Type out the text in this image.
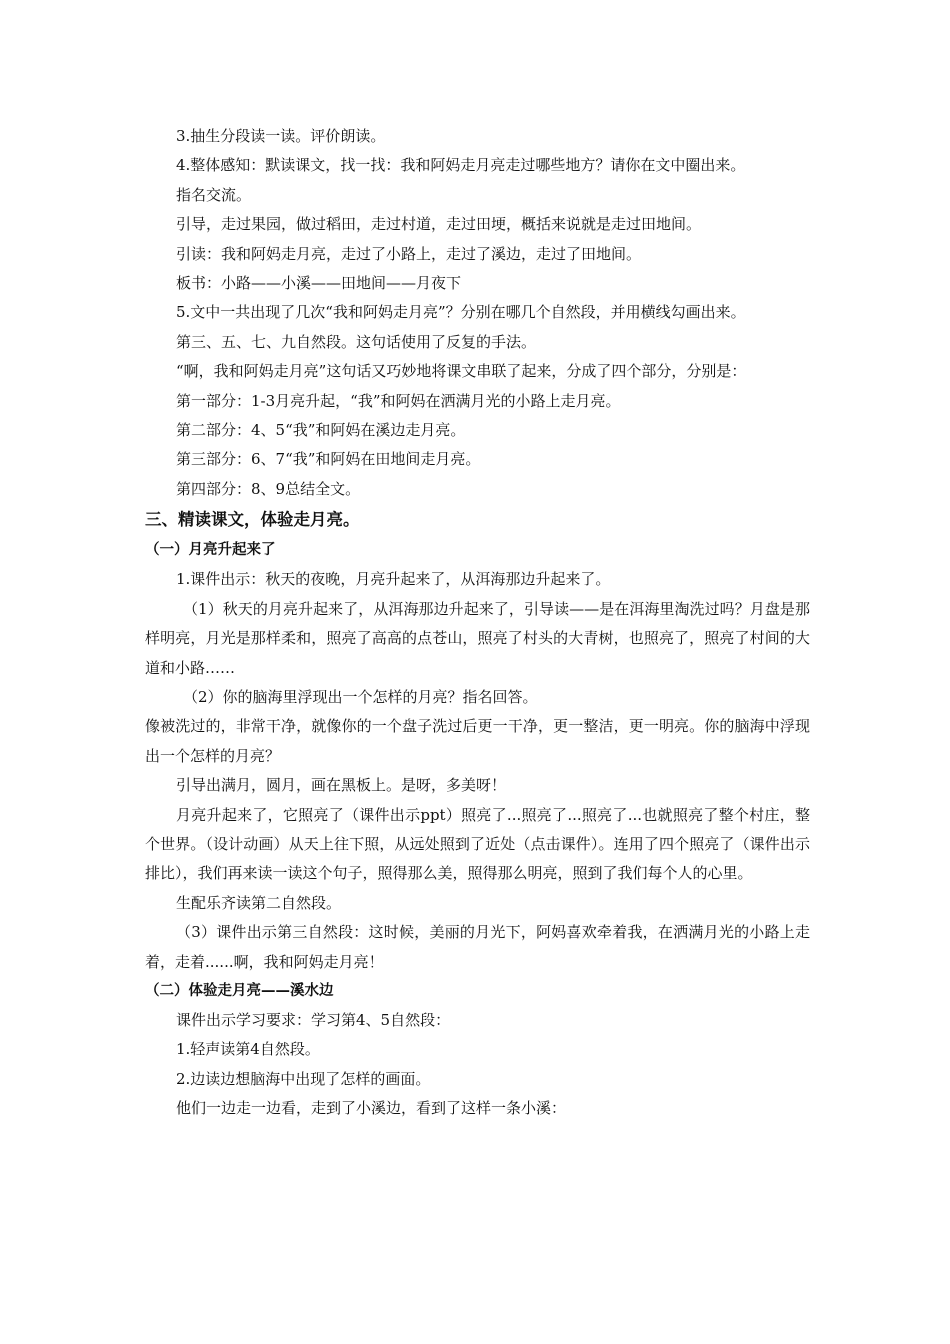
3.抽生分段读一读。评价朗读。

4.整体感知：默读课文，找一找：我和阿妈走月亮走过哪些地方？请你在文中圈出来。

指名交流。

引导，走过果园，做过稻田，走过村道，走过田埂，概括来说就是走过田地间。

引读：我和阿妈走月亮，走过了小路上，走过了溪边，走过了田地间。

板书：小路——小溪——田地间——月夜下

5.文中一共出现了几次“我和阿妈走月亮”？分别在哪几个自然段，并用横线勾画出来。

第三、五、七、九自然段。这句话使用了反复的手法。

“啊，我和阿妈走月亮”这句话又巧妙地将课文串联了起来，分成了四个部分，分别是：

第一部分：1-3月亮升起，“我”和阿妈在洒满月光的小路上走月亮。

第二部分：4、5“我”和阿妈在溪边走月亮。

第三部分：6、7“我”和阿妈在田地间走月亮。

第四部分：8、9总结全文。

三、精读课文，体验走月亮。
（一）月亮升起来了

1.课件出示：秋天的夜晚，月亮升起来了，从洱海那边升起来了。

（1）秋天的月亮升起来了，从洱海那边升起来了，引导读——是在洱海里淘洗过吗？月盘是那样明亮，月光是那样柔和，照亮了高高的点苍山，照亮了村头的大青树，也照亮了，照亮了村间的大道和小路……

（2）你的脑海里浮现出一个怎样的月亮？指名回答。

像被洗过的，非常干净，就像你的一个盘子洗过后更一干净，更一整洁，更一明亮。你的脑海中浮现出一个怎样的月亮？

引导出满月，圆月，画在黑板上。是呀，多美呀！

月亮升起来了，它照亮了（课件出示ppt）照亮了...照亮了...照亮了...也就照亮了整个村庄，整个世界。（设计动画）从天上往下照，从远处照到了近处（点击课件）。连用了四个照亮了（课件出示排比），我们再来读一读这个句子，照得那么美，照得那么明亮，照到了我们每个人的心里。

生配乐齐读第二自然段。

（3）课件出示第三自然段：这时候，美丽的月光下，阿妈喜欢牵着我，在洒满月光的小路上走着，走着......啊，我和阿妈走月亮！

（二）体验走月亮——溪水边

课件出示学习要求：学习第4、5自然段：

1.轻声读第4自然段。

2.边读边想脑海中出现了怎样的画面。

他们一边走一边看，走到了小溪边，看到了这样一条小溪：
